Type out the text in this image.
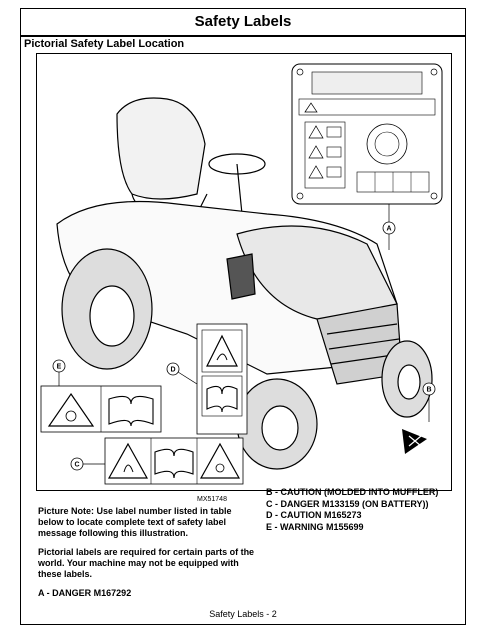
Safety Labels
Pictorial Safety Label Location
A
D
E
C
B
MX51748

Picture Note: Use label number listed in table below to locate complete text of safety label message following this illustration.

Pictorial labels are required for certain parts of the world. Your machine may not be equipped with these labels.

A - DANGER M167292

B - CAUTION (MOLDED INTO MUFFLER)
C - DANGER M133159 (ON BATTERY))
D - CAUTION M165273
E - WARNING M155699
Safety Labels - 2
